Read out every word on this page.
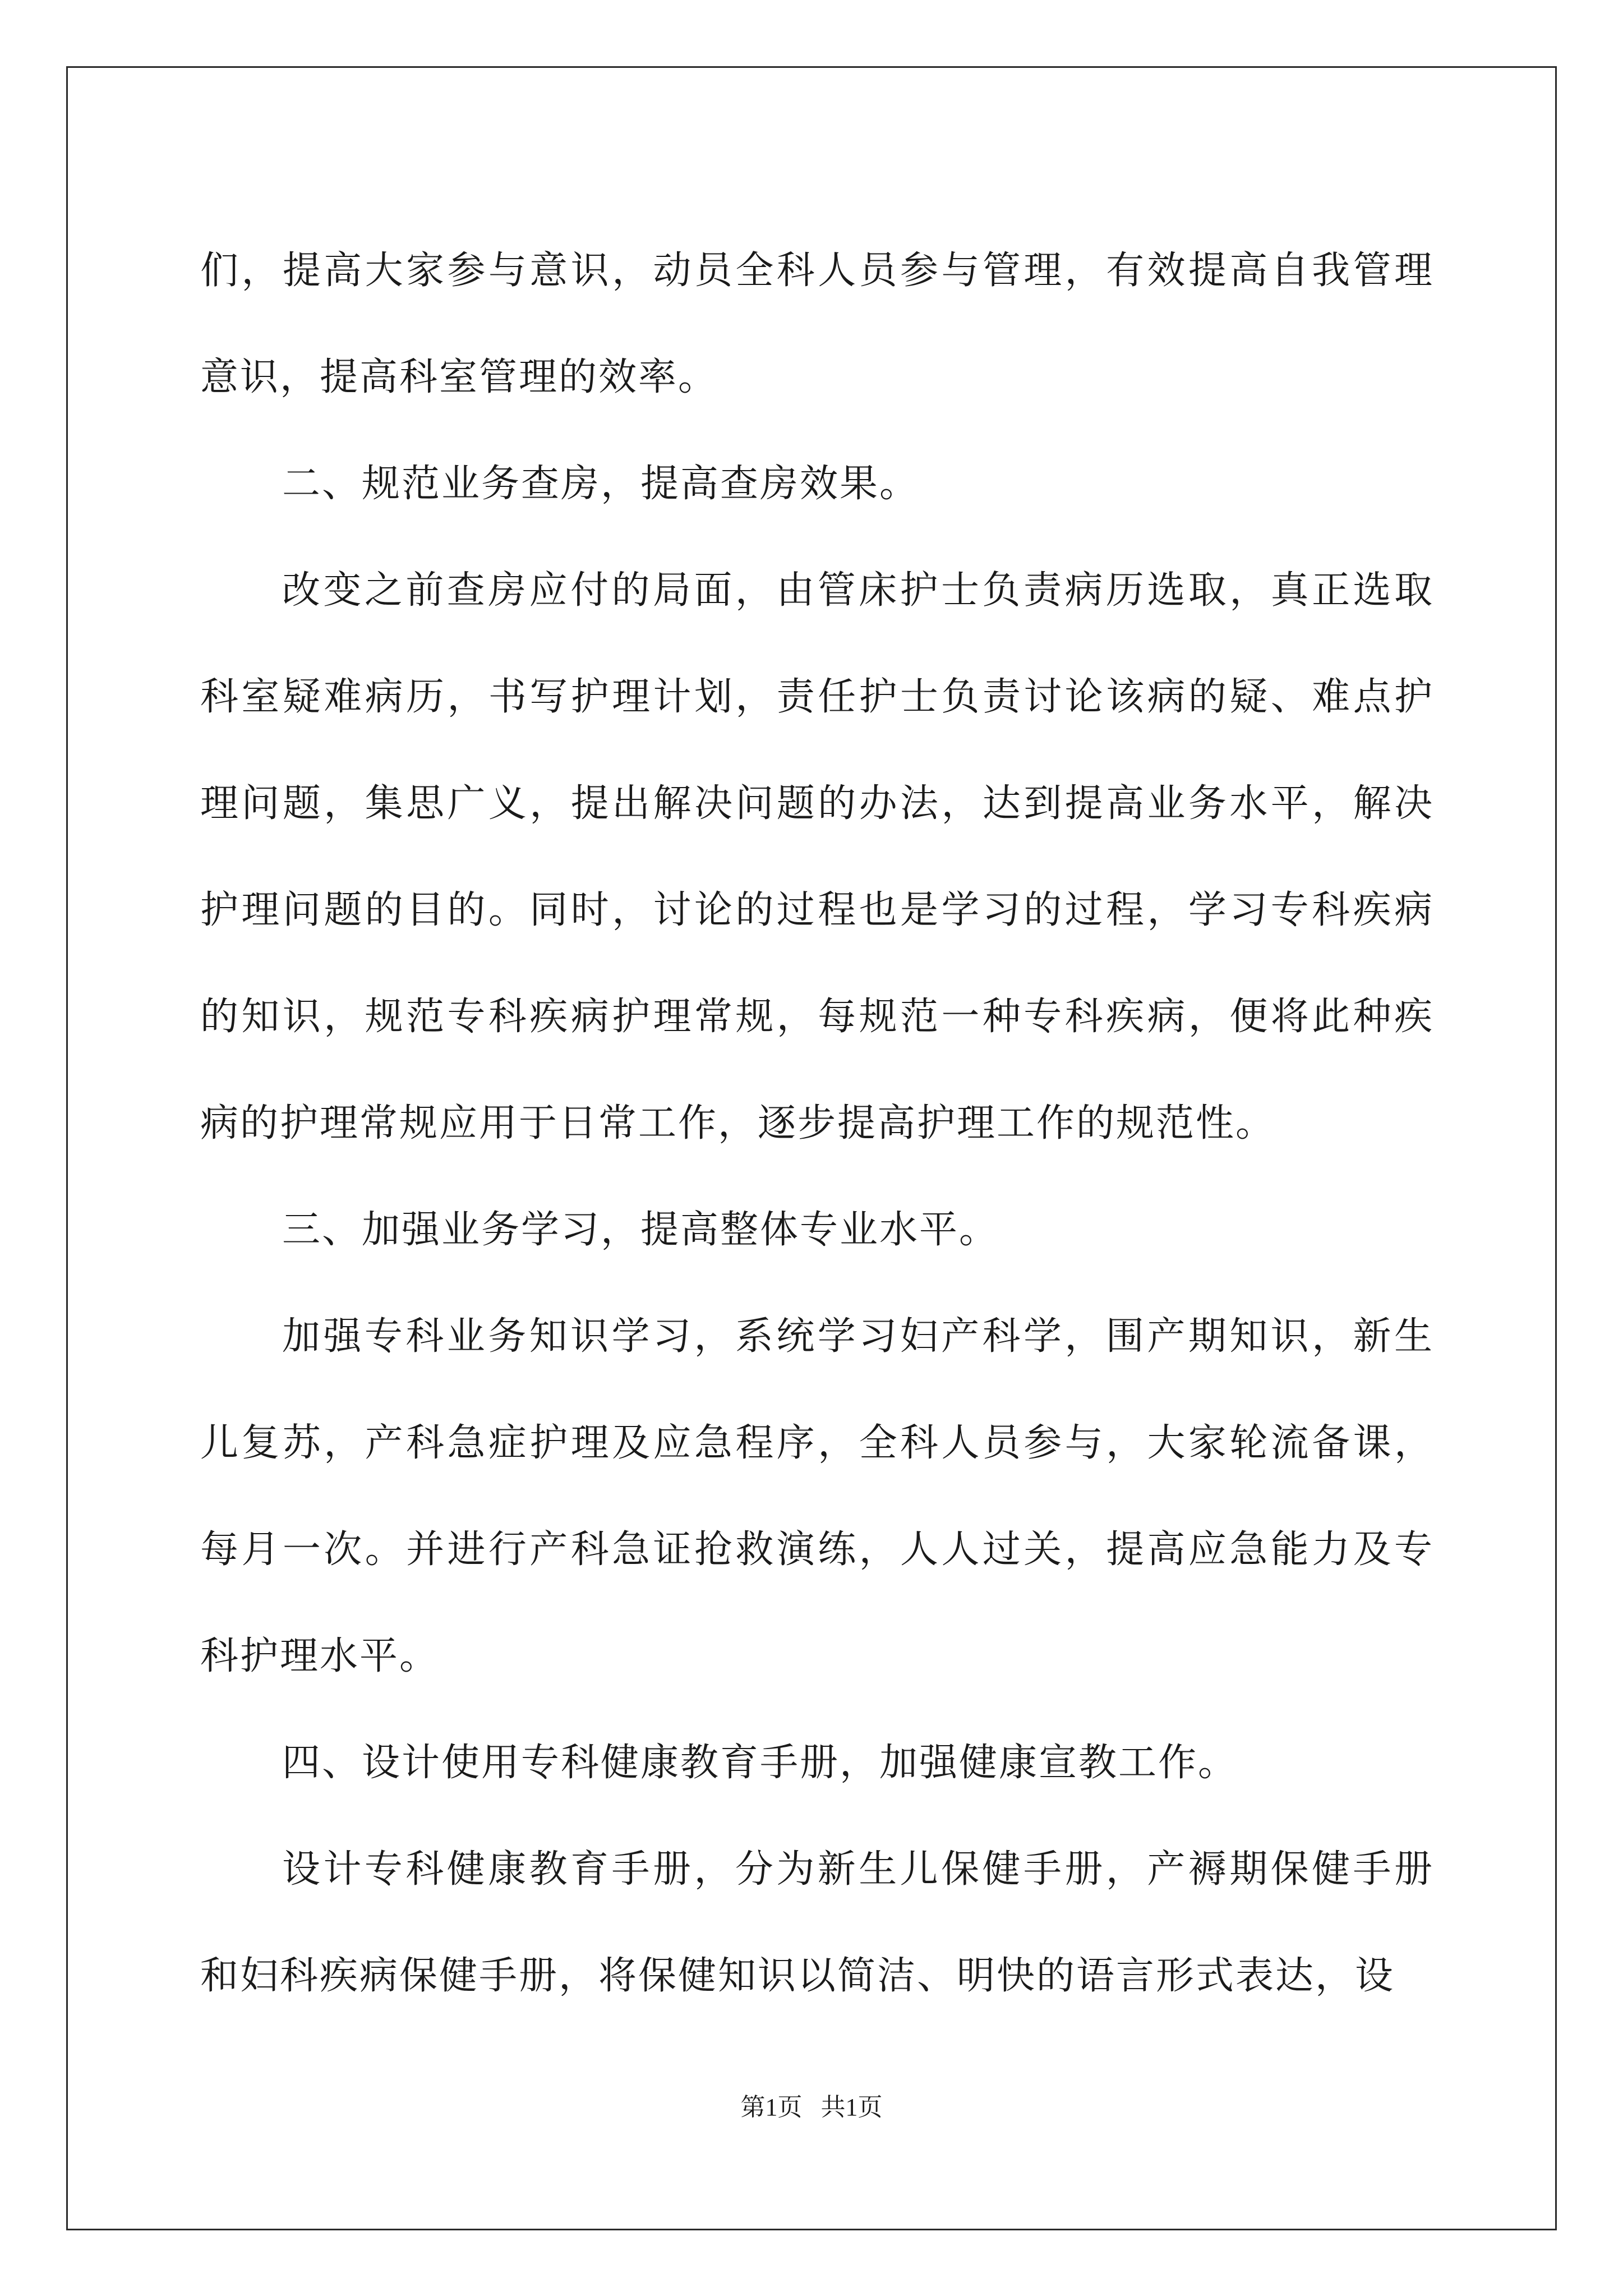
们，提高大家参与意识，动员全科人员参与管理，有效提高自我管理意识，提高科室管理的效率。

二、规范业务查房，提高查房效果。

改变之前查房应付的局面，由管床护士负责病历选取，真正选取科室疑难病历，书写护理计划，责任护士负责讨论该病的疑、难点护理问题，集思广义，提出解决问题的办法，达到提高业务水平，解决护理问题的目的。同时，讨论的过程也是学习的过程，学习专科疾病的知识，规范专科疾病护理常规，每规范一种专科疾病，便将此种疾病的护理常规应用于日常工作，逐步提高护理工作的规范性。

三、加强业务学习，提高整体专业水平。

加强专科业务知识学习，系统学习妇产科学，围产期知识，新生儿复苏，产科急症护理及应急程序，全科人员参与，大家轮流备课，每月一次。并进行产科急证抢救演练，人人过关，提高应急能力及专科护理水平。

四、设计使用专科健康教育手册，加强健康宣教工作。

设计专科健康教育手册，分为新生儿保健手册，产褥期保健手册和妇科疾病保健手册，将保健知识以简洁、明快的语言形式表达，设

第1页 共1页
